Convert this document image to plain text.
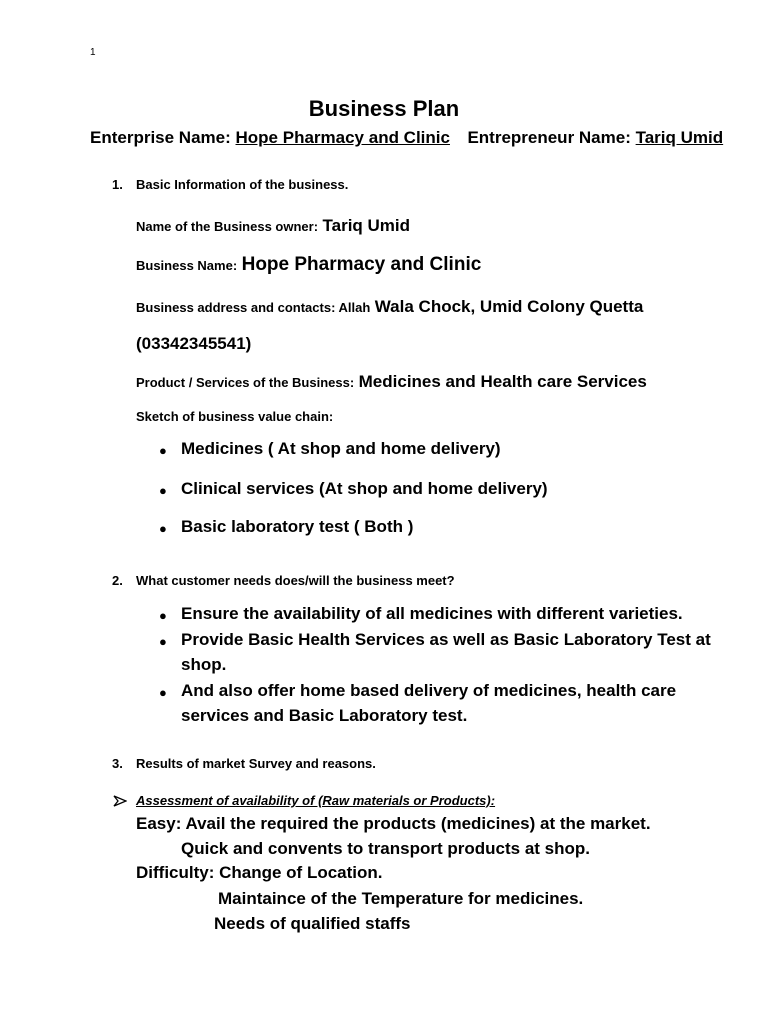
1
Business Plan
Enterprise Name: Hope Pharmacy and Clinic Entrepreneur Name: Tariq Umid
1. Basic Information of the business.
Name of the Business owner: Tariq Umid
Business Name: Hope Pharmacy and Clinic
Business address and contacts: Allah Wala Chock, Umid Colony Quetta
(03342345541)
Product / Services of the Business: Medicines and Health care Services
Sketch of business value chain:
● Medicines ( At shop and home delivery)
● Clinical services (At shop and home delivery)
● Basic laboratory test ( Both )
2. What customer needs does/will the business meet?
● Ensure the availability of all medicines with different varieties.
● Provide Basic Health Services as well as Basic Laboratory Test at
shop.
● And also offer home based delivery of medicines, health care
services and Basic Laboratory test.
3. Results of market Survey and reasons.
Assessment of availability of (Raw materials or Products):
Easy: Avail the required the products (medicines) at the market.
Quick and convents to transport products at shop.
Difficulty: Change of Location.
Maintaince of the Temperature for medicines.
Needs of qualified staffs
